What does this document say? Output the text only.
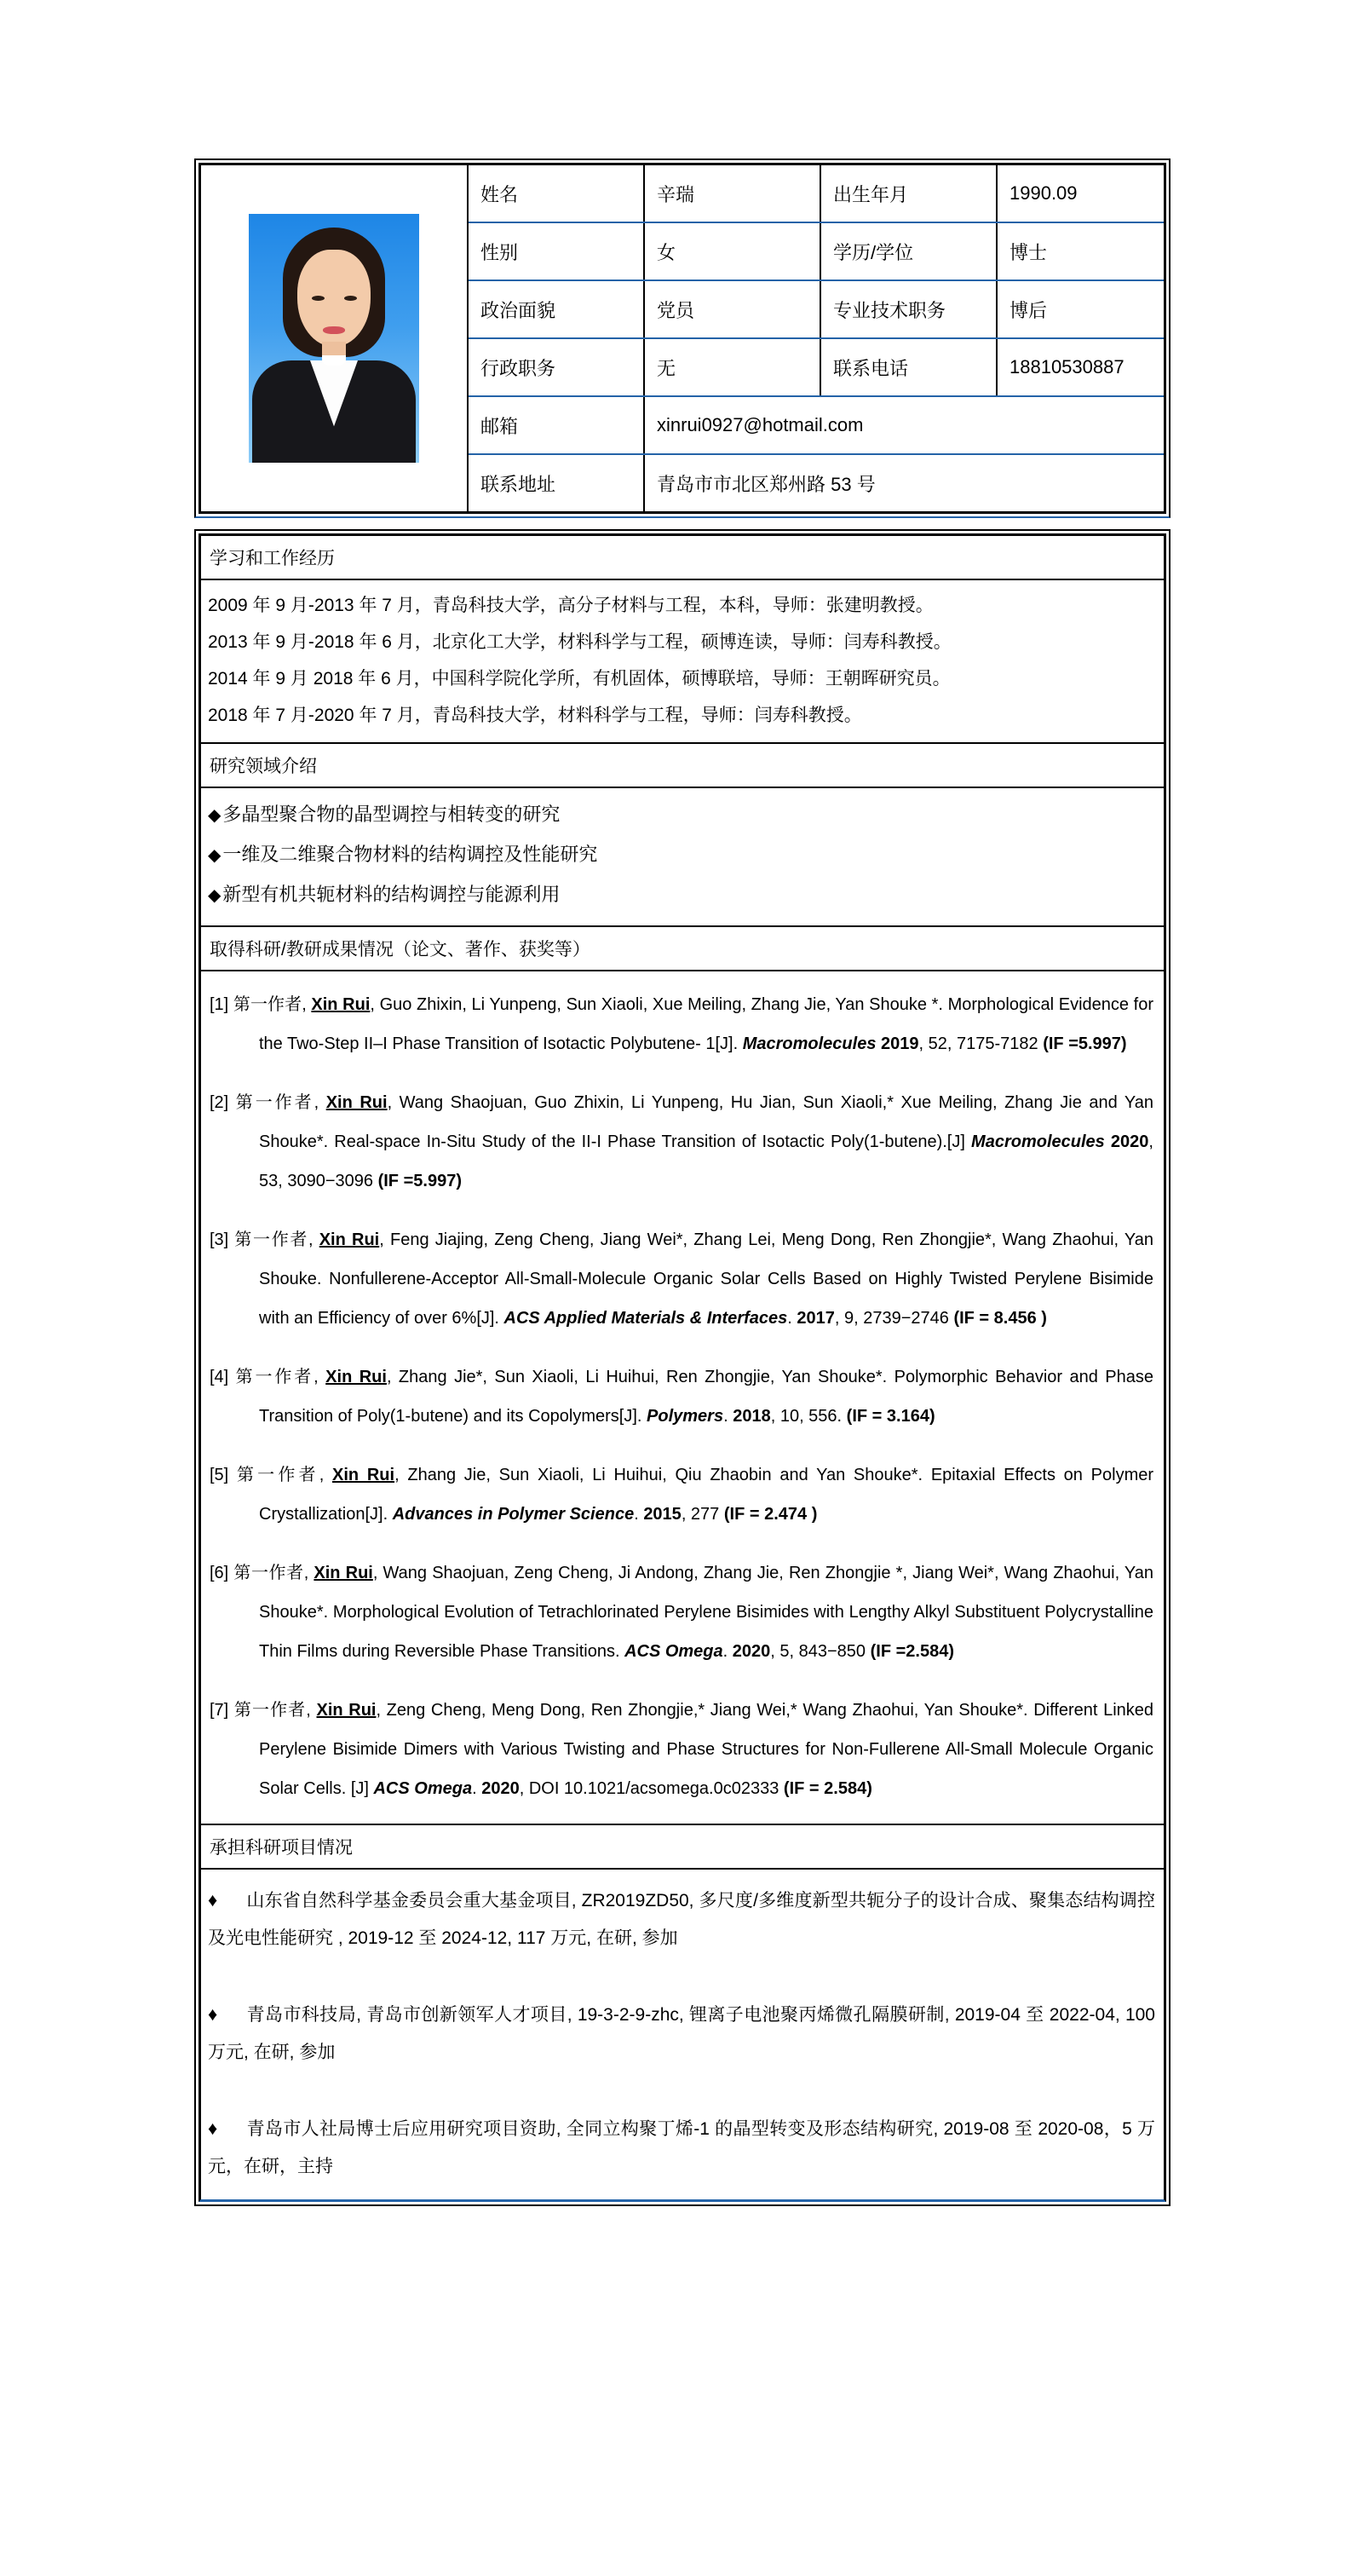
姓名	辛瑞	出生年月	1990.09
性别	女	学历/学位	博士
政治面貌	党员	专业技术职务	博后
行政职务	无	联系电话	18810530887
邮箱	xinrui0927@hotmail.com
联系地址	青岛市市北区郑州路 53 号
学习和工作经历
2009 年 9 月-2013 年 7 月，青岛科技大学，高分子材料与工程，本科，导师：张建明教授。
2013 年 9 月-2018 年 6 月，北京化工大学，材料科学与工程，硕博连读，导师：闫寿科教授。
2014 年 9 月 2018 年 6 月，中国科学院化学所，有机固体，硕博联培，导师：王朝晖研究员。
2018 年 7 月-2020 年 7 月，青岛科技大学，材料科学与工程，导师：闫寿科教授。
研究领域介绍
◆多晶型聚合物的晶型调控与相转变的研究
◆一维及二维聚合物材料的结构调控及性能研究
◆新型有机共轭材料的结构调控与能源利用
取得科研/教研成果情况（论文、著作、获奖等）
[1] 第一作者, Xin Rui, Guo Zhixin, Li Yunpeng, Sun Xiaoli, Xue Meiling, Zhang Jie, Yan Shouke *. Morphological Evidence for the Two-Step II–I Phase Transition of Isotactic Polybutene- 1[J]. Macromolecules 2019, 52, 7175-7182 (IF =5.997)
[2] 第一作者, Xin Rui, Wang Shaojuan, Guo Zhixin, Li Yunpeng, Hu Jian, Sun Xiaoli,* Xue Meiling, Zhang Jie and Yan Shouke*. Real-space In-Situ Study of the II-I Phase Transition of Isotactic Poly(1-butene).[J] Macromolecules 2020, 53, 3090−3096 (IF =5.997)
[3] 第一作者, Xin Rui, Feng Jiajing, Zeng Cheng, Jiang Wei*, Zhang Lei, Meng Dong, Ren Zhongjie*, Wang Zhaohui, Yan Shouke. Nonfullerene-Acceptor All-Small-Molecule Organic Solar Cells Based on Highly Twisted Perylene Bisimide with an Efficiency of over 6%[J]. ACS Applied Materials & Interfaces. 2017, 9, 2739−2746 (IF = 8.456 )
[4] 第一作者, Xin Rui, Zhang Jie*, Sun Xiaoli, Li Huihui, Ren Zhongjie, Yan Shouke*. Polymorphic Behavior and Phase Transition of Poly(1-butene) and its Copolymers[J]. Polymers. 2018, 10, 556. (IF = 3.164)
[5] 第一作者, Xin Rui, Zhang Jie, Sun Xiaoli, Li Huihui, Qiu Zhaobin and Yan Shouke*. Epitaxial Effects on Polymer Crystallization[J]. Advances in Polymer Science. 2015, 277 (IF = 2.474 )
[6] 第一作者, Xin Rui, Wang Shaojuan, Zeng Cheng, Ji Andong, Zhang Jie, Ren Zhongjie *, Jiang Wei*, Wang Zhaohui, Yan Shouke*. Morphological Evolution of Tetrachlorinated Perylene Bisimides with Lengthy Alkyl Substituent Polycrystalline Thin Films during Reversible Phase Transitions. ACS Omega. 2020, 5, 843−850 (IF =2.584)
[7] 第一作者, Xin Rui, Zeng Cheng, Meng Dong, Ren Zhongjie,* Jiang Wei,* Wang Zhaohui, Yan Shouke*. Different Linked Perylene Bisimide Dimers with Various Twisting and Phase Structures for Non-Fullerene All-Small Molecule Organic Solar Cells. [J] ACS Omega. 2020, DOI 10.1021/acsomega.0c02333 (IF = 2.584)
承担科研项目情况
♦ 山东省自然科学基金委员会重大基金项目, ZR2019ZD50, 多尺度/多维度新型共轭分子的设计合成、聚集态结构调控及光电性能研究 , 2019-12 至 2024-12, 117 万元, 在研, 参加
♦ 青岛市科技局, 青岛市创新领军人才项目, 19-3-2-9-zhc, 锂离子电池聚丙烯微孔隔膜研制, 2019-04 至 2022-04, 100 万元, 在研, 参加
♦ 青岛市人社局博士后应用研究项目资助, 全同立构聚丁烯-1 的晶型转变及形态结构研究, 2019-08 至 2020-08，5 万元，在研，主持
